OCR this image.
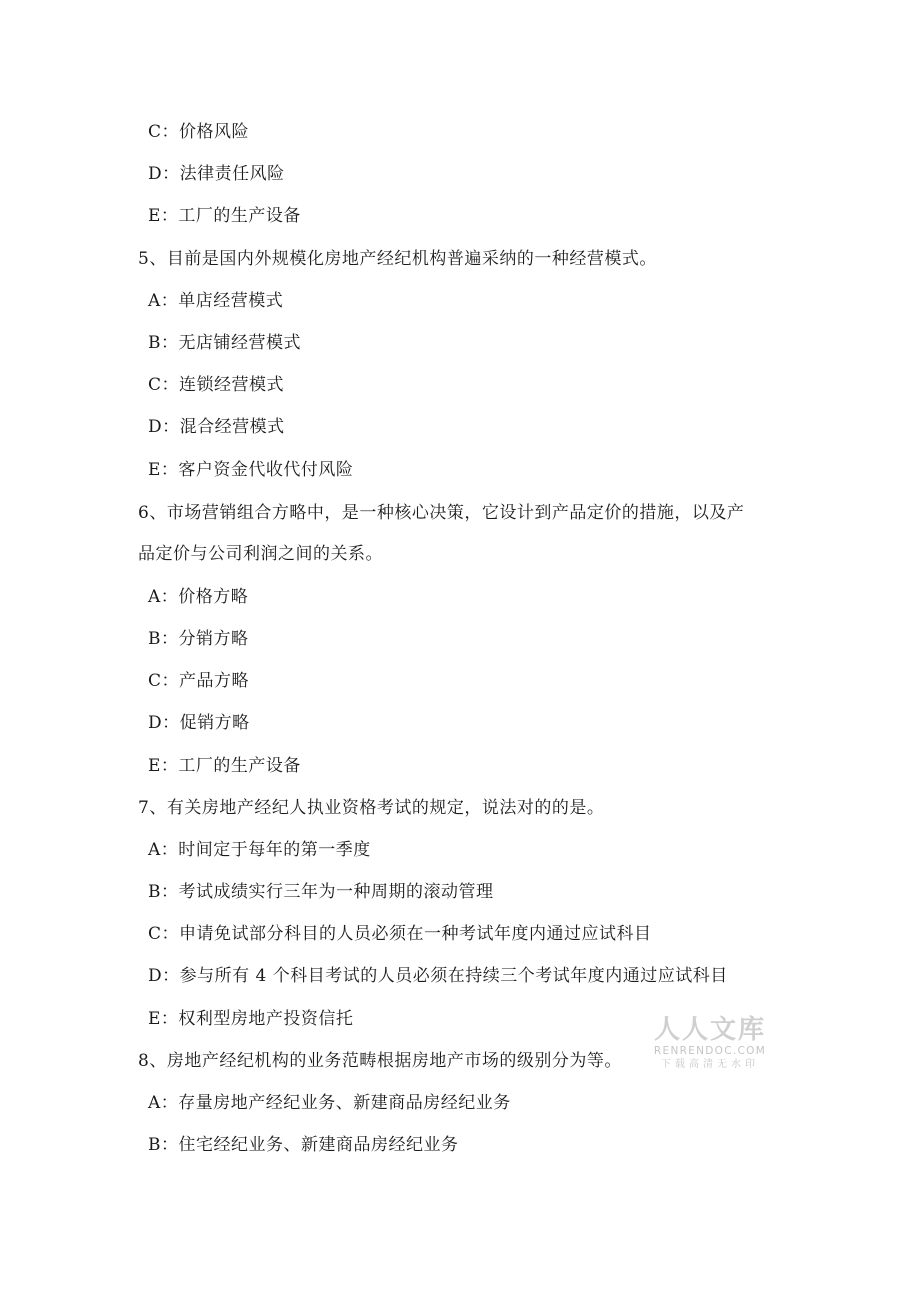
C：价格风险
D：法律责任风险
E：工厂的生产设备
5、目前是国内外规模化房地产经纪机构普遍采纳的一种经营模式。
A：单店经营模式
B：无店铺经营模式
C：连锁经营模式
D：混合经营模式
E：客户资金代收代付风险
6、市场营销组合方略中，是一种核心决策，它设计到产品定价的措施，以及产
品定价与公司利润之间的关系。
A：价格方略
B：分销方略
C：产品方略
D：促销方略
E：工厂的生产设备
7、有关房地产经纪人执业资格考试的规定，说法对的的是。
A：时间定于每年的第一季度
B：考试成绩实行三年为一种周期的滚动管理
C：申请免试部分科目的人员必须在一种考试年度内通过应试科目
D：参与所有 4 个科目考试的人员必须在持续三个考试年度内通过应试科目
E：权利型房地产投资信托
8、房地产经纪机构的业务范畴根据房地产市场的级别分为等。
A：存量房地产经纪业务、新建商品房经纪业务
B：住宅经纪业务、新建商品房经纪业务
人人文库
RENRENDOC.COM
下载高清无水印
